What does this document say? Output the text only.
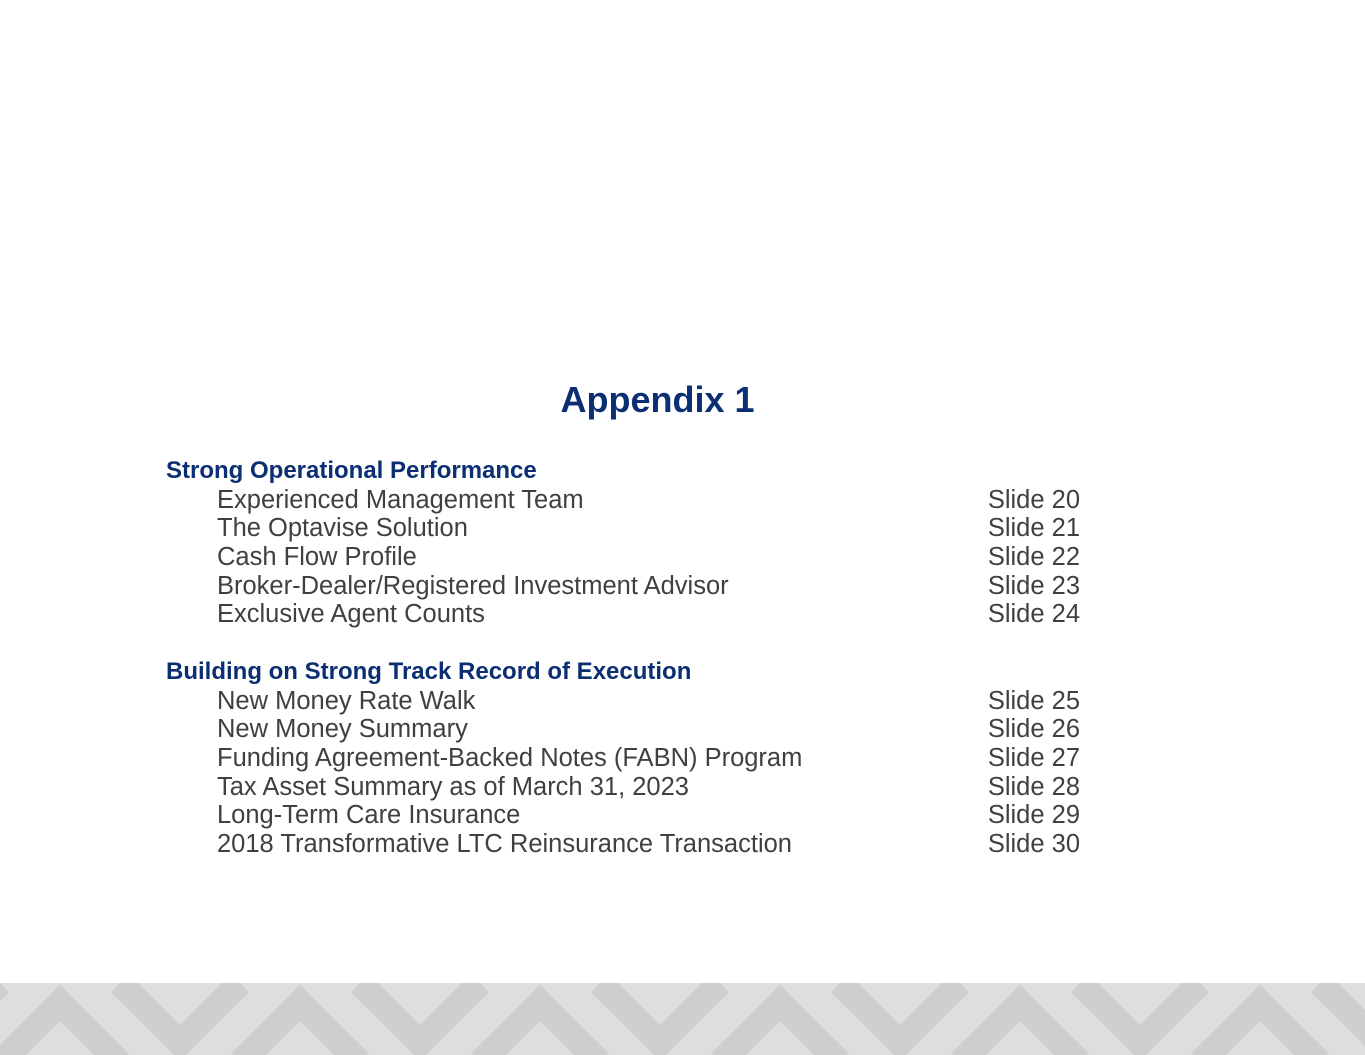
Appendix 1
Strong Operational Performance
Experienced Management Team	Slide 20
The Optavise Solution	Slide 21
Cash Flow Profile	Slide 22
Broker-Dealer/Registered Investment Advisor	Slide 23
Exclusive Agent Counts	Slide 24
Building on Strong Track Record of Execution
New Money Rate Walk	Slide 25
New Money Summary	Slide 26
Funding Agreement-Backed Notes (FABN) Program	Slide 27
Tax Asset Summary as of March 31, 2023	Slide 28
Long-Term Care Insurance	Slide 29
2018 Transformative LTC Reinsurance Transaction	Slide 30
